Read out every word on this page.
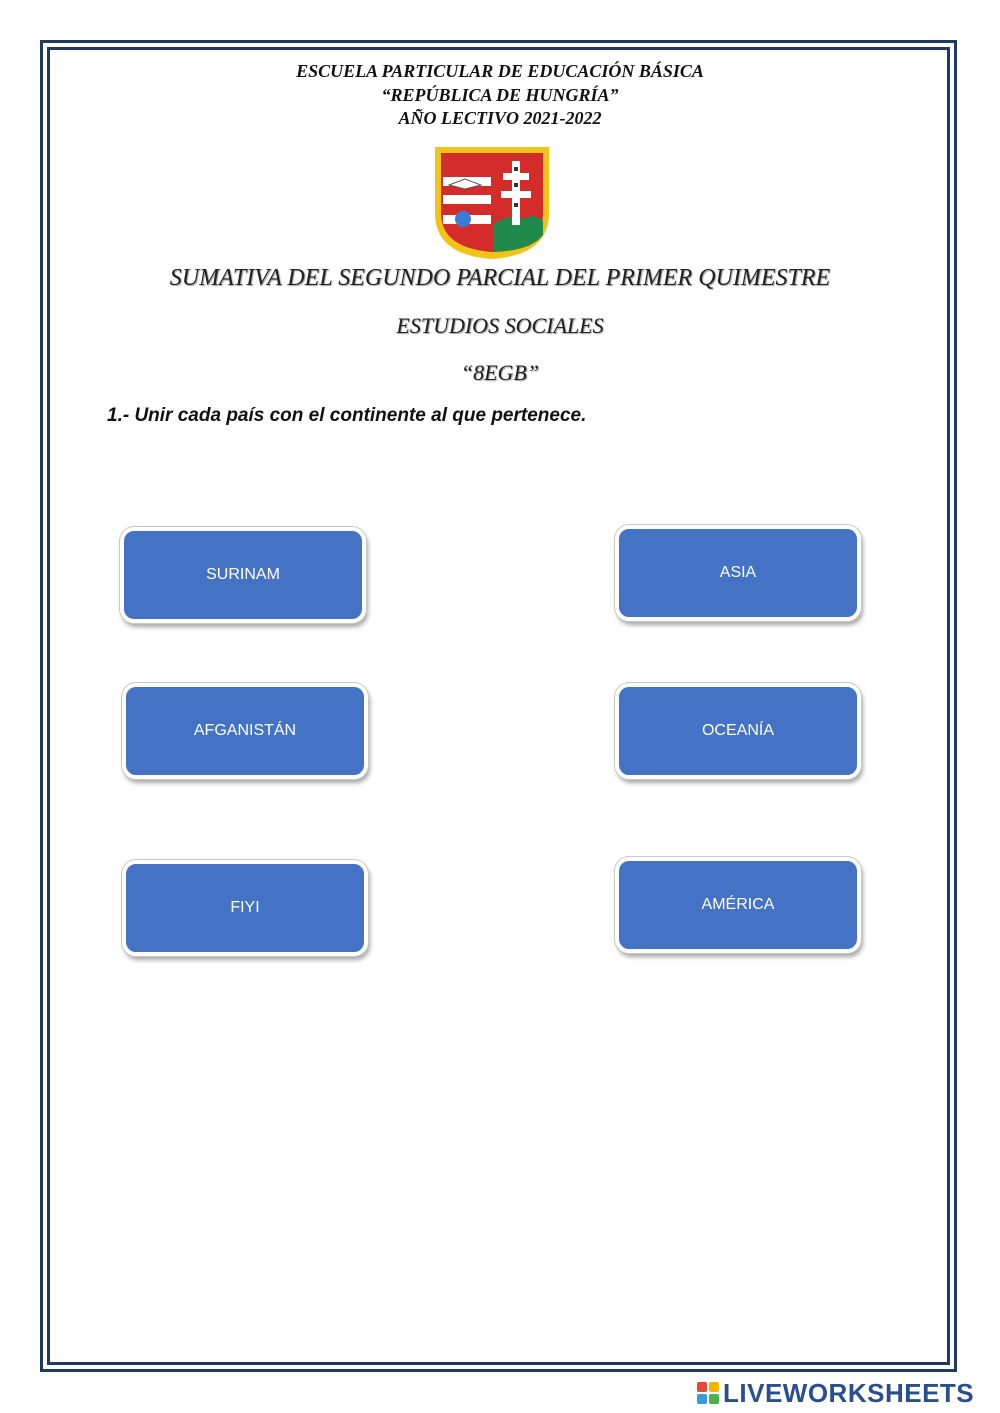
ESCUELA PARTICULAR DE EDUCACIÓN BÁSICA
“REPÚBLICA DE HUNGRÍA”
AÑO LECTIVO 2021-2022
SUMATIVA DEL SEGUNDO PARCIAL DEL PRIMER QUIMESTRE
ESTUDIOS SOCIALES
“8EGB”
1.- Unir cada país con el continente al que pertenece.
SURINAM
AFGANISTÁN
FIYI
ASIA
OCEANÍA
AMÉRICA
LIVEWORKSHEETS
